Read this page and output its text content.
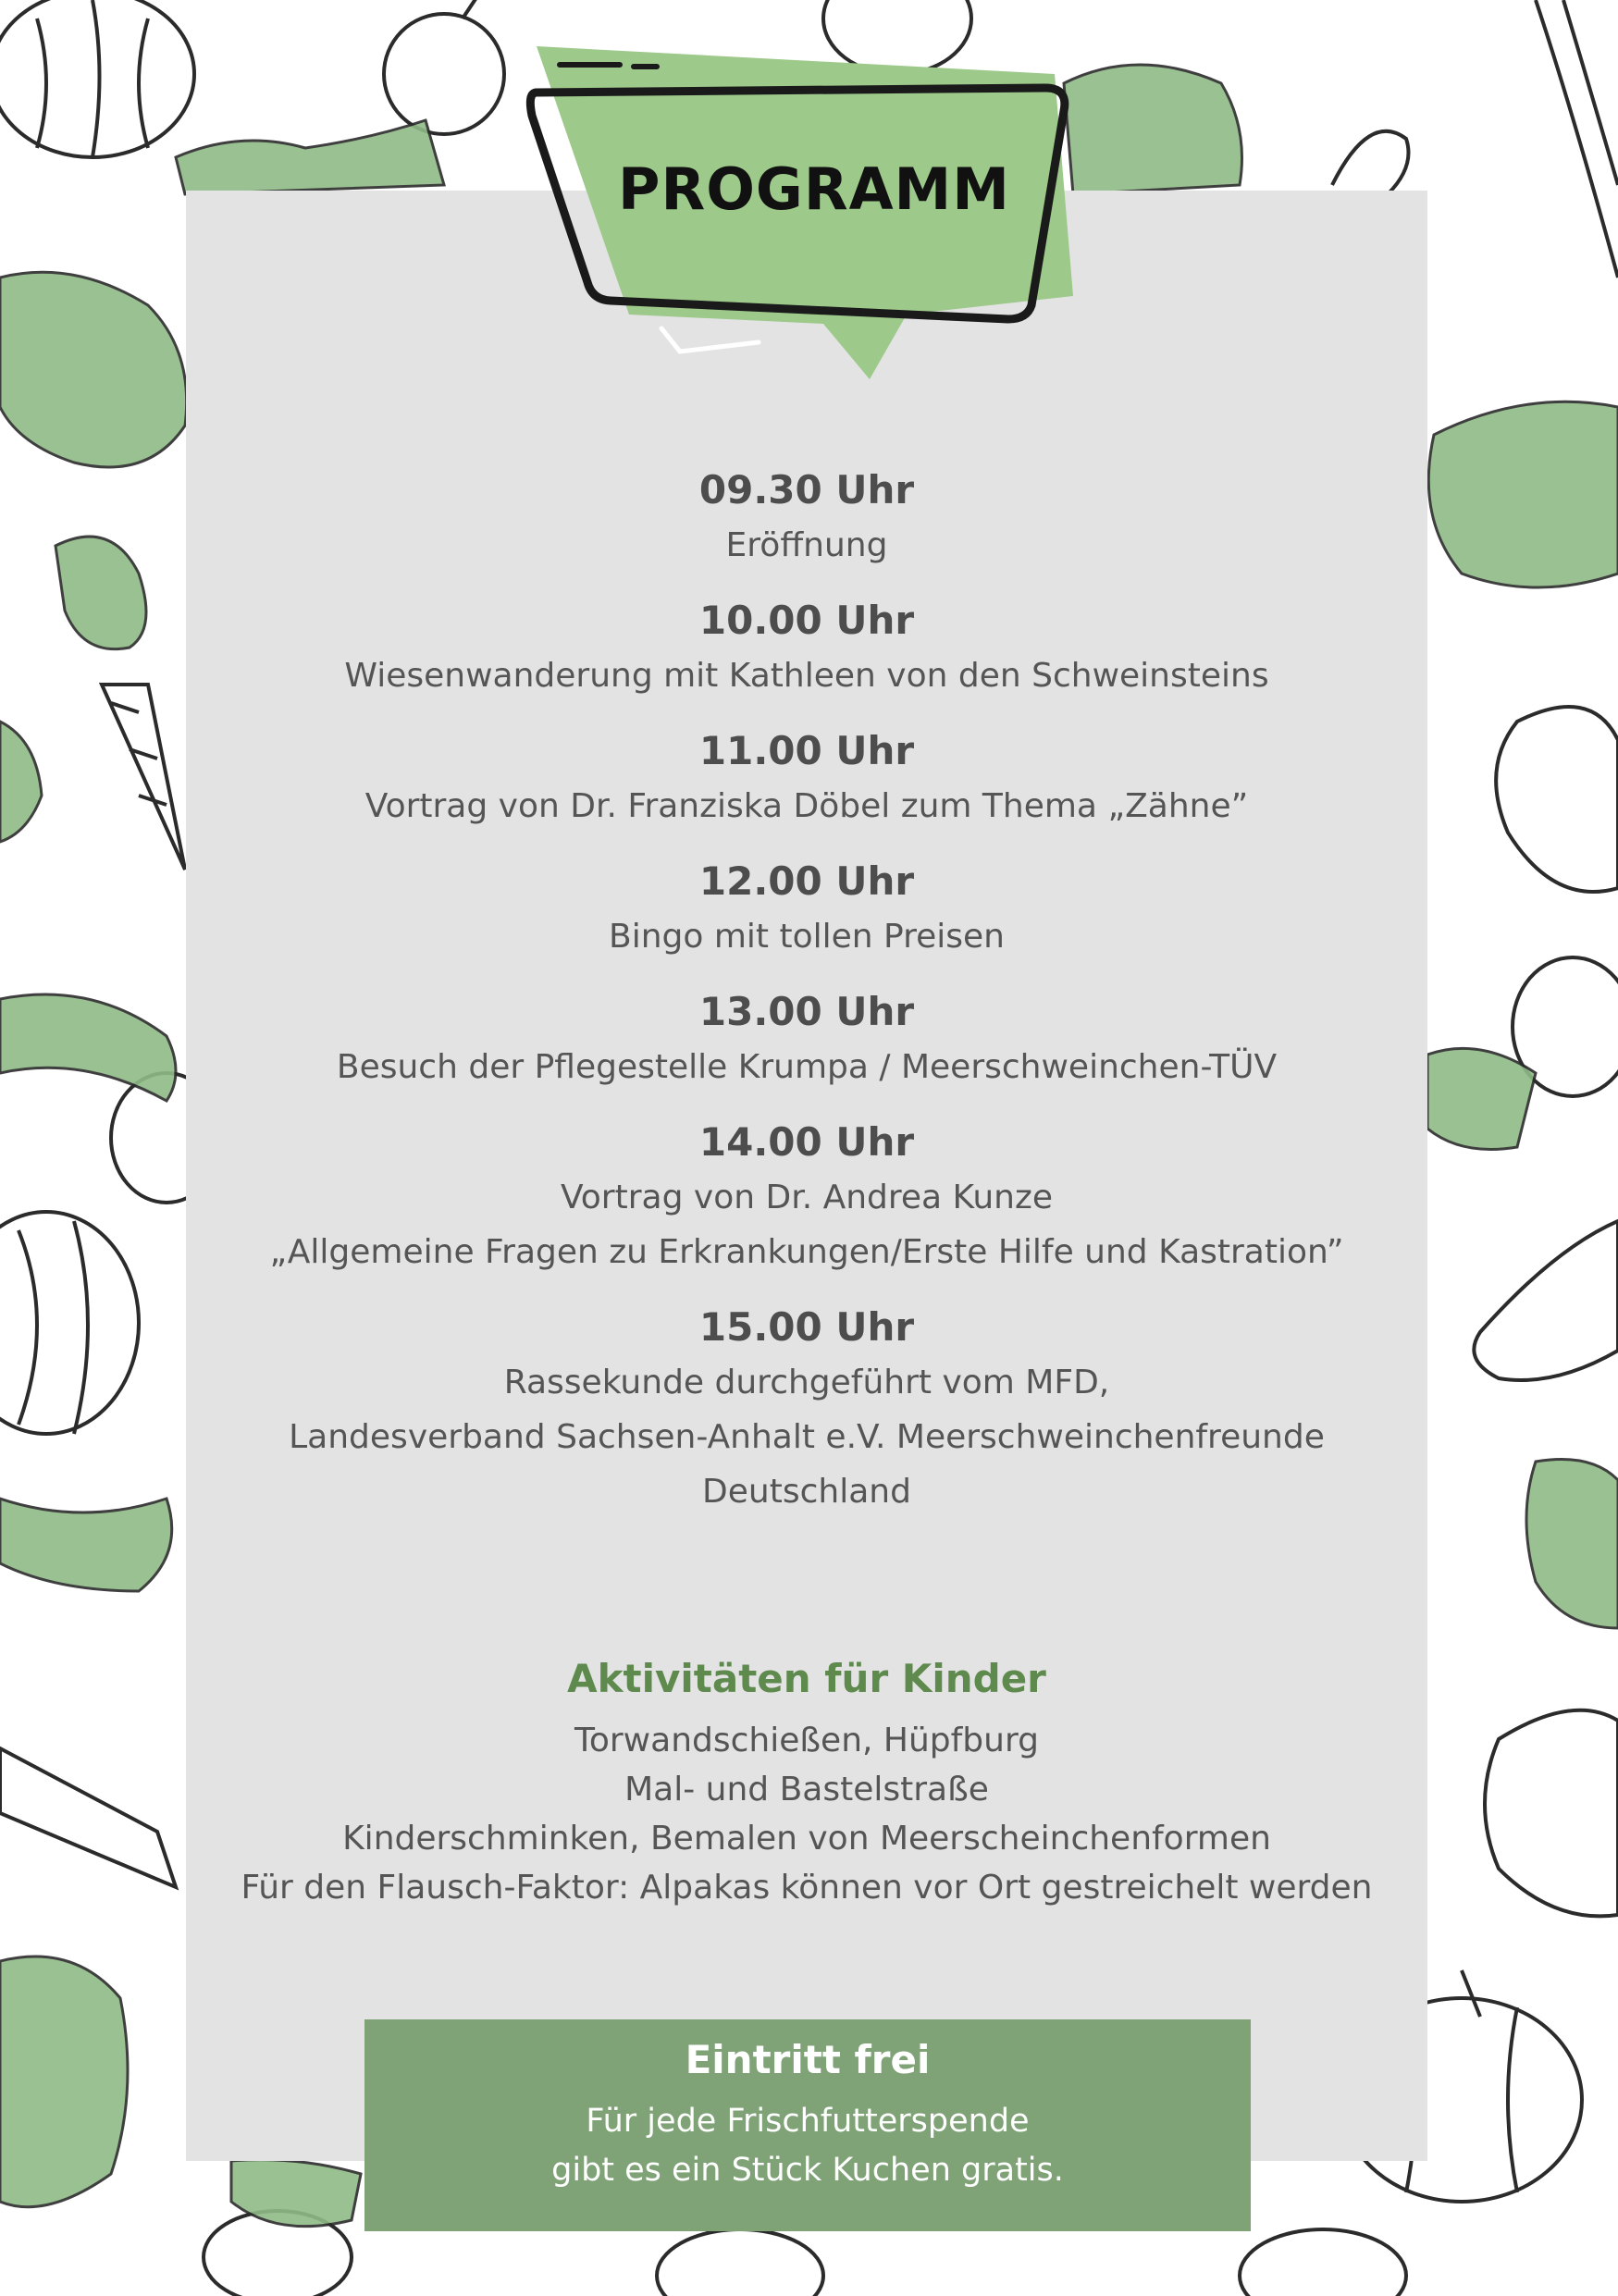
PROGRAMM
09.30 Uhr
Eröffnung
10.00 Uhr
Wiesenwanderung mit Kathleen von den Schweinsteins
11.00 Uhr
Vortrag von Dr. Franziska Döbel zum Thema „Zähne”
12.00 Uhr
Bingo mit tollen Preisen
13.00 Uhr
Besuch der Pflegestelle Krumpa / Meerschweinchen-TÜV
14.00 Uhr
Vortrag von Dr. Andrea Kunze
„Allgemeine Fragen zu Erkrankungen/Erste Hilfe und Kastration”
15.00 Uhr
Rassekunde durchgeführt vom MFD,
Landesverband Sachsen-Anhalt e.V. Meerschweinchenfreunde
Deutschland
Aktivitäten für Kinder
Torwandschießen, Hüpfburg
Mal- und Bastelstraße
Kinderschminken, Bemalen von Meerscheinchenformen
Für den Flausch-Faktor: Alpakas können vor Ort gestreichelt werden
Eintritt frei
Für jede Frischfutterspende
gibt es ein Stück Kuchen gratis.
